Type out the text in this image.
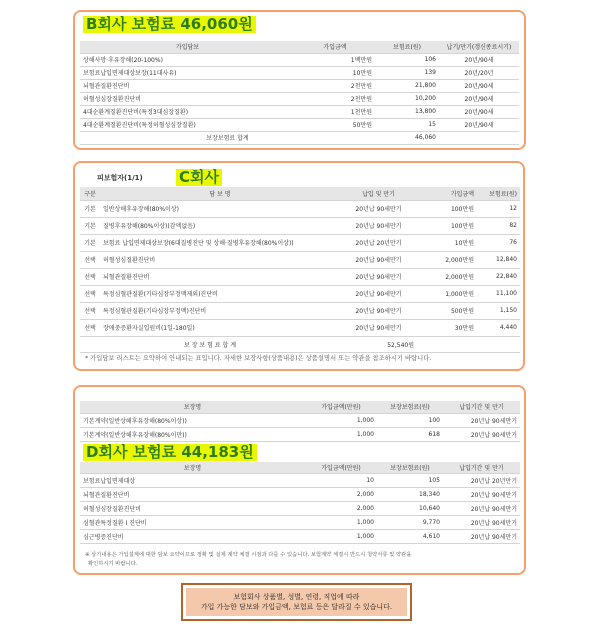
B회사 보험료 46,060원
가입담보	가입금액	보험료(원)	납기/만기(갱신종료시기)
상해사망·후유장해(20-100%)	1백만원	106	20년/90세
보험료납입면제대상보장(11대사유)	10만원	139	20년/20년
뇌혈관질환진단비	2천만원	21,800	20년/90세
허혈성심장질환진단비	2천만원	10,200	20년/90세
4대순환계질환진단비(특정3대심장질환)	1천만원	13,800	20년/90세
4대순환계질환진단비(특정허혈성심장질환)	50만원	15	20년/90세
보장보험료 합계		46,060	
피보험자(1/1) C회사
구분	담 보 명	납입 및 만기	가입금액	보험료(원)
기본	일반상해후유장해(80%이상)	20년납 90세만기	100만원	12
기본	질병후유장해(80%이상)(감액없음)	20년납 90세만기	100만원	82
기본	보험료 납입면제대상보장(6대질병진단 및 상해·질병후유장해(80%이상))	20년납 20년만기	10만원	76
선택	허혈성심질환진단비	20년납 90세만기	2,000만원	12,840
선택	뇌혈관질환진단비	20년납 90세만기	2,000만원	22,840
선택	특정심혈관질환(기타심장부정맥제외)진단비	20년납 90세만기	1,000만원	11,100
선택	특정심혈관질환(기타심장부정맥)진단비	20년납 90세만기	500만원	1,150
선택	장애중증환자실입원비(1일-180일)	20년납 90세만기	30만원	4,440
보 장 보 험 료 합 계		52,540원		
* 가입담보 리스트는 요약하여 안내되는 표입니다. 자세한 보장사항(상품내용)은 상품설명서 또는 약관을 참조하시기 바랍니다.
보장명	가입금액(만원)	보장보험료(원)	납입기간 및 만기
기본계약(일반상해후유장해(80%이상))	1,000	100	20년납 90세만기
기본계약(일반상해후유장해(80%이만))	1,000	618	20년납 90세만기
D회사 보험료 44,183원
보장명	가입금액(만원)	보장보험료(원)	납입기간 및 만기
보험료납입면제대상	10	105	20년납 20년만기
뇌혈관질환진단비	2,000	18,340	20년납 90세만기
허혈성심장질환진단비	2,000	10,640	20년납 90세만기
심혈관특정질환 I 진단비	1,000	9,770	20년납 90세만기
심근병증진단비	1,000	4,610	20년납 90세만기
※ 상기내용은 가입설계에 대한 담보 요약이므로 정확 및 실제 계약 체결 시점과 다를 수 있습니다. 보험계약 체결시 반드시 청약서류 및 약관을
확인하시기 바랍니다.
보험회사 상품별, 성별, 연령, 직업에 따라
가입 가능한 담보와 가입금액, 보험료 등은 달라질 수 있습니다.
